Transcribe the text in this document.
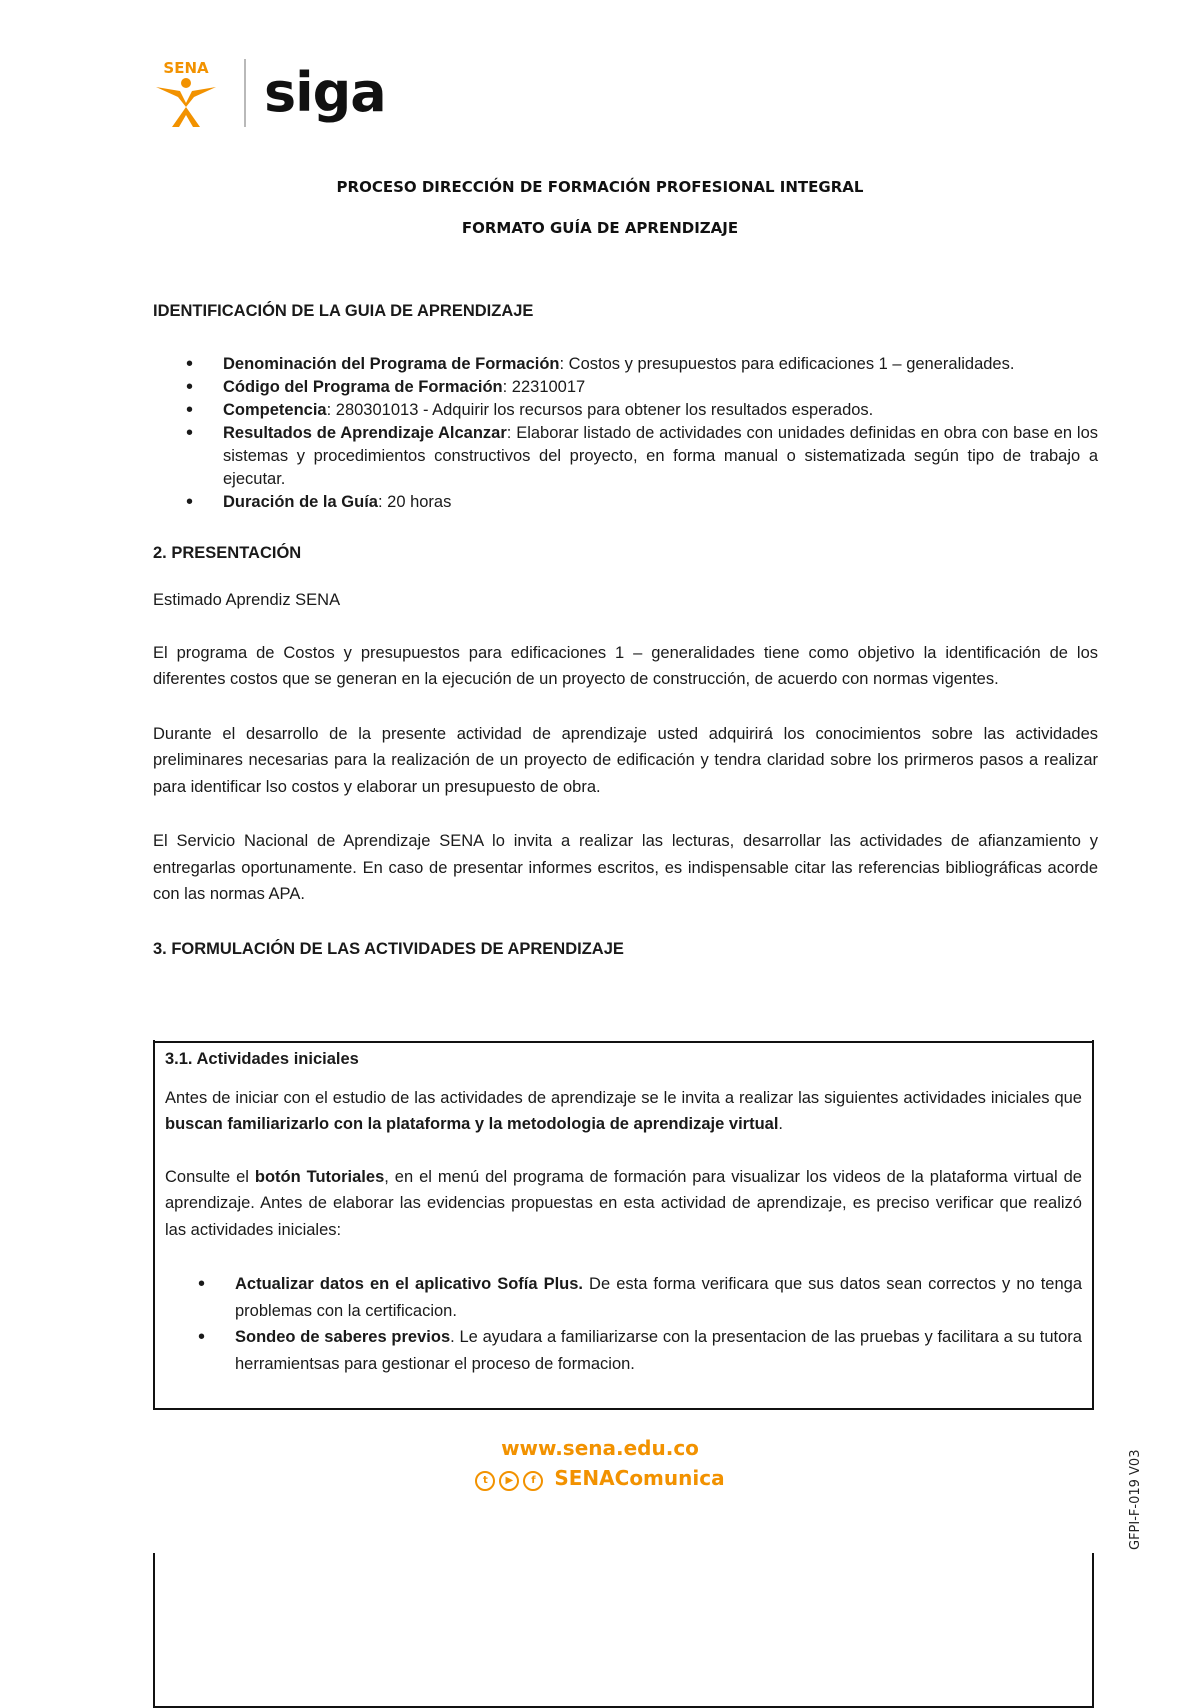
SENA siga
PROCESO DIRECCIÓN DE FORMACIÓN PROFESIONAL INTEGRAL
FORMATO GUÍA DE APRENDIZAJE

IDENTIFICACIÓN DE LA GUIA DE APRENDIZAJE

• Denominación del Programa de Formación: Costos y presupuestos para edificaciones 1 – generalidades.
• Código del Programa de Formación: 22310017
• Competencia: 280301013 - Adquirir los recursos para obtener los resultados esperados.
• Resultados de Aprendizaje Alcanzar: Elaborar listado de actividades con unidades definidas en obra con base en los sistemas y procedimientos constructivos del proyecto, en forma manual o sistematizada según tipo de trabajo a ejecutar.
• Duración de la Guía: 20 horas

2. PRESENTACIÓN

Estimado Aprendiz SENA

El programa de Costos y presupuestos para edificaciones 1 – generalidades tiene como objetivo la identificación de los diferentes costos que se generan en la ejecución de un proyecto de construcción, de acuerdo con normas vigentes.

Durante el desarrollo de la presente actividad de aprendizaje usted adquirirá los conocimientos sobre las actividades preliminares necesarias para la realización de un proyecto de edificación y tendra claridad sobre los prirmeros pasos a realizar para identificar lso costos y elaborar un presupuesto de obra.

El Servicio Nacional de Aprendizaje SENA lo invita a realizar las lecturas, desarrollar las actividades de afianzamiento y entregarlas oportunamente. En caso de presentar informes escritos, es indispensable citar las referencias bibliográficas acorde con las normas APA.

3. FORMULACIÓN DE LAS ACTIVIDADES DE APRENDIZAJE

3.1. Actividades iniciales

Antes de iniciar con el estudio de las actividades de aprendizaje se le invita a realizar las siguientes actividades iniciales que buscan familiarizarlo con la plataforma y la metodologia de aprendizaje virtual.

Consulte el botón Tutoriales, en el menú del programa de formación para visualizar los videos de la plataforma virtual de aprendizaje. Antes de elaborar las evidencias propuestas en esta actividad de aprendizaje, es preciso verificar que realizó las actividades iniciales:

• Actualizar datos en el aplicativo Sofía Plus. De esta forma verificara que sus datos sean correctos y no tenga problemas con la certificacion.
• Sondeo de saberes previos. Le ayudara a familiarizarse con la presentacion de las pruebas y facilitara a su tutora herramientsas para gestionar el proceso de formacion.
www.sena.edu.co
t ▶ f SENAComunica	GFPI-F-019 V03
